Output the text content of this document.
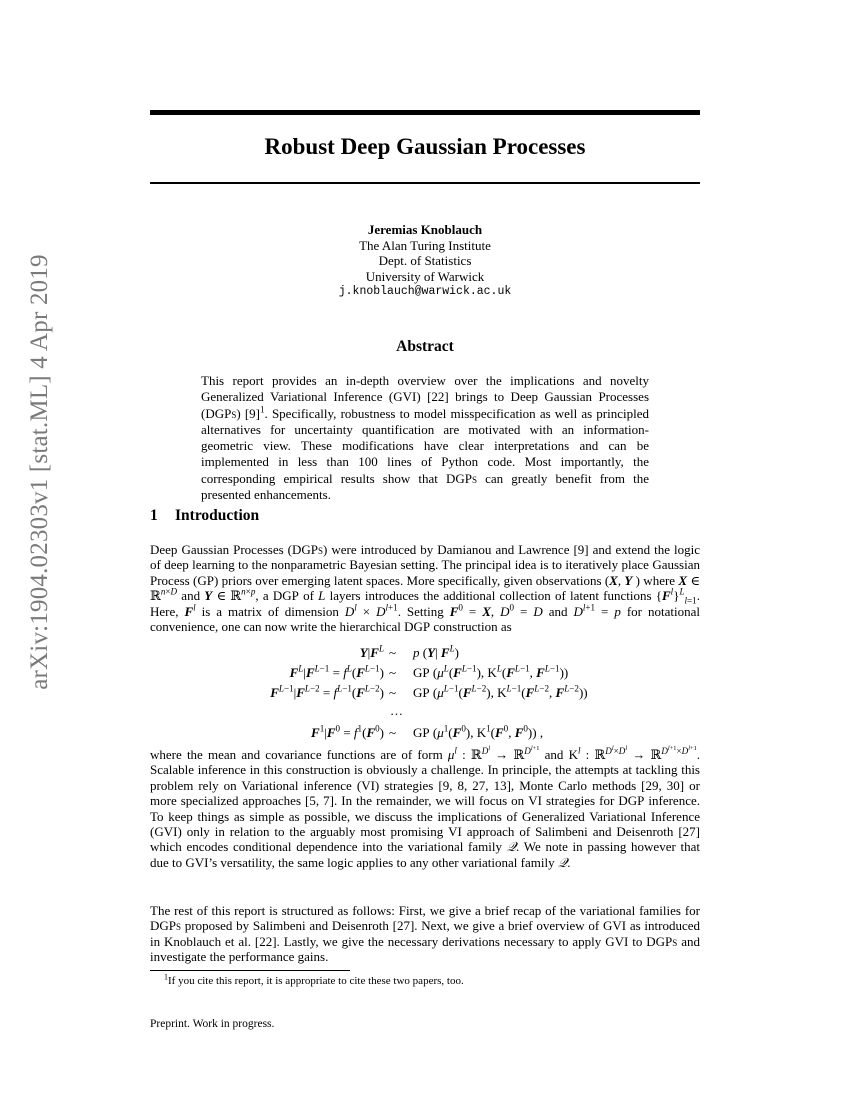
arXiv:1904.02303v1 [stat.ML] 4 Apr 2019
Robust Deep Gaussian Processes
Jeremias Knoblauch
The Alan Turing Institute
Dept. of Statistics
University of Warwick
j.knoblauch@warwick.ac.uk
Abstract
This report provides an in-depth overview over the implications and novelty Generalized Variational Inference (GVI) [22] brings to Deep Gaussian Processes (DGPs) $[9]^1$. Specifically, robustness to model misspecification as well as principled alternatives for uncertainty quantification are motivated with an information-geometric view. These modifications have clear interpretations and can be implemented in less than 100 lines of Python code. Most importantly, the corresponding empirical results show that DGPs can greatly benefit from the presented enhancements.
1 Introduction
Deep Gaussian Processes (DGPs) were introduced by Damianou and Lawrence [9] and extend the logic of deep learning to the nonparametric Bayesian setting. The principal idea is to iteratively place Gaussian Process (GP) priors over emerging latent spaces. More specifically, given observations (X, Y ) where X ∈ ℝ$^{n\times D}$ and Y ∈ ℝ$^{n\times p}$, a DGP of L layers introduces the additional collection of latent functions $\{F^l\}^L_{l=1}$. Here, $F^l$ is a matrix of dimension $D^l \times D^{l+1}$. Setting $F^0 = X$, $D^0 = D$ and $D^{l+1} = p$ for notational convenience, one can now write the hierarchical DGP construction as
$Y|F^L$ ~ p (Y| $F^L$)
$F^L|F^{L-1} = f^L(F^{L-1})$ ~ GP ($\mu^L(F^{L-1})$, $K^L(F^{L-1}$, $F^{L-1}$))
$F^{L-1}|F^{L-2} = f^{L-1}(F^{L-2})$ ~ GP ($\mu^{L-1}(F^{L-2})$, $K^{L-1}(F^{L-2}$, $F^{L-2}$))
…
$F^1|F^0 = f^1(F^0)$ ~ GP ($\mu^1(F^0)$, $K^1(F^0$, $F^0$)) ,
where the mean and covariance functions are of form $\mu^l$ : ℝ$^{D^l}$ → ℝ$^{D^{l+1}}$ and $K^l$ : ℝ$^{D^l\times D^l}$ → ℝ$^{D^{l+1}\times D^{l+1}}$. Scalable inference in this construction is obviously a challenge. In principle, the attempts at tackling this problem rely on Variational inference (VI) strategies [9, 8, 27, 13], Monte Carlo methods [29, 30] or more specialized approaches [5, 7]. In the remainder, we will focus on VI strategies for DGP inference. To keep things as simple as possible, we discuss the implications of Generalized Variational Inference (GVI) only in relation to the arguably most promising VI approach of Salimbeni and Deisenroth [27] which encodes conditional dependence into the variational family 𝒬. We note in passing however that due to GVI’s versatility, the same logic applies to any other variational family 𝒬.
The rest of this report is structured as follows: First, we give a brief recap of the variational families for DGPs proposed by Salimbeni and Deisenroth [27]. Next, we give a brief overview of GVI as introduced in Knoblauch et al. [22]. Lastly, we give the necessary derivations necessary to apply GVI to DGPs and investigate the performance gains.
$^1$If you cite this report, it is appropriate to cite these two papers, too.
Preprint. Work in progress.
